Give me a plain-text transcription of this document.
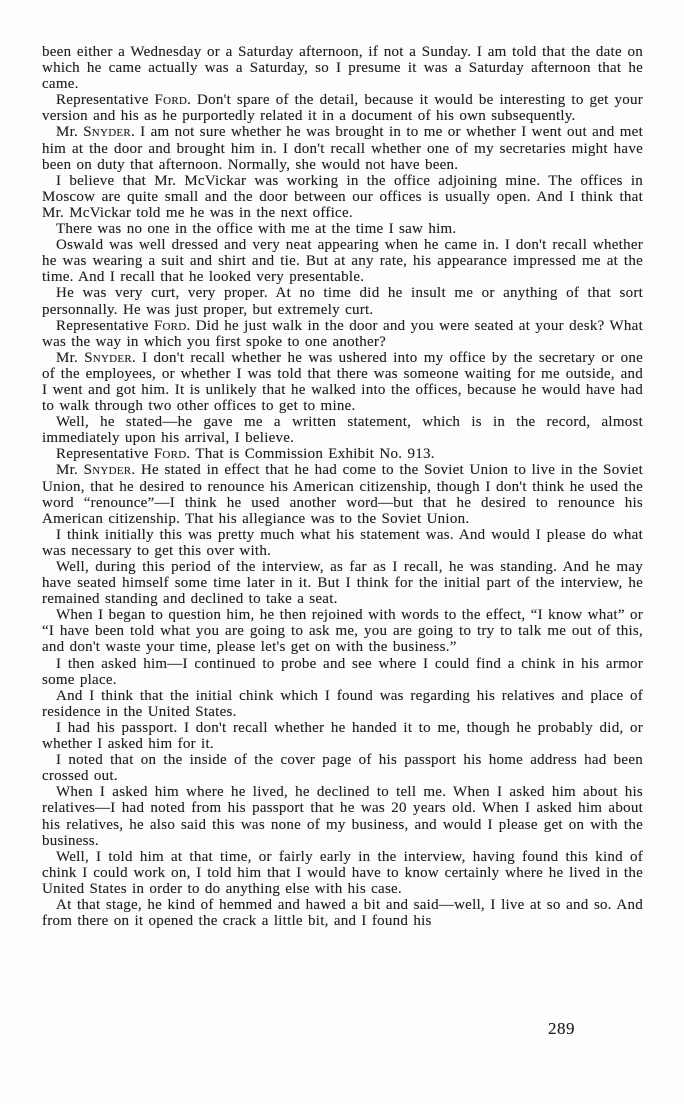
been either a Wednesday or a Saturday afternoon, if not a Sunday. I am told that the date on which he came actually was a Saturday, so I presume it was a Saturday afternoon that he came.

Representative Ford. Don't spare of the detail, because it would be interesting to get your version and his as he purportedly related it in a document of his own subsequently.

Mr. Snyder. I am not sure whether he was brought in to me or whether I went out and met him at the door and brought him in. I don't recall whether one of my secretaries might have been on duty that afternoon. Normally, she would not have been.

I believe that Mr. McVickar was working in the office adjoining mine. The offices in Moscow are quite small and the door between our offices is usually open. And I think that Mr. McVickar told me he was in the next office.

There was no one in the office with me at the time I saw him.

Oswald was well dressed and very neat appearing when he came in. I don't recall whether he was wearing a suit and shirt and tie. But at any rate, his appearance impressed me at the time. And I recall that he looked very presentable.

He was very curt, very proper. At no time did he insult me or anything of that sort personnally. He was just proper, but extremely curt.

Representative Ford. Did he just walk in the door and you were seated at your desk? What was the way in which you first spoke to one another?

Mr. Snyder. I don't recall whether he was ushered into my office by the secretary or one of the employees, or whether I was told that there was someone waiting for me outside, and I went and got him. It is unlikely that he walked into the offices, because he would have had to walk through two other offices to get to mine.

Well, he stated—he gave me a written statement, which is in the record, almost immediately upon his arrival, I believe.

Representative Ford. That is Commission Exhibit No. 913.

Mr. Snyder. He stated in effect that he had come to the Soviet Union to live in the Soviet Union, that he desired to renounce his American citizenship, though I don't think he used the word “renounce”—I think he used another word—but that he desired to renounce his American citizenship. That his allegiance was to the Soviet Union.

I think initially this was pretty much what his statement was. And would I please do what was necessary to get this over with.

Well, during this period of the interview, as far as I recall, he was standing. And he may have seated himself some time later in it. But I think for the initial part of the interview, he remained standing and declined to take a seat.

When I began to question him, he then rejoined with words to the effect, “I know what” or “I have been told what you are going to ask me, you are going to try to talk me out of this, and don't waste your time, please let's get on with the business.”

I then asked him—I continued to probe and see where I could find a chink in his armor some place.

And I think that the initial chink which I found was regarding his relatives and place of residence in the United States.

I had his passport. I don't recall whether he handed it to me, though he probably did, or whether I asked him for it.

I noted that on the inside of the cover page of his passport his home address had been crossed out.

When I asked him where he lived, he declined to tell me. When I asked him about his relatives—I had noted from his passport that he was 20 years old. When I asked him about his relatives, he also said this was none of my business, and would I please get on with the business.

Well, I told him at that time, or fairly early in the interview, having found this kind of chink I could work on, I told him that I would have to know certainly where he lived in the United States in order to do anything else with his case.

At that stage, he kind of hemmed and hawed a bit and said—well, I live at so and so. And from there on it opened the crack a little bit, and I found his

289
